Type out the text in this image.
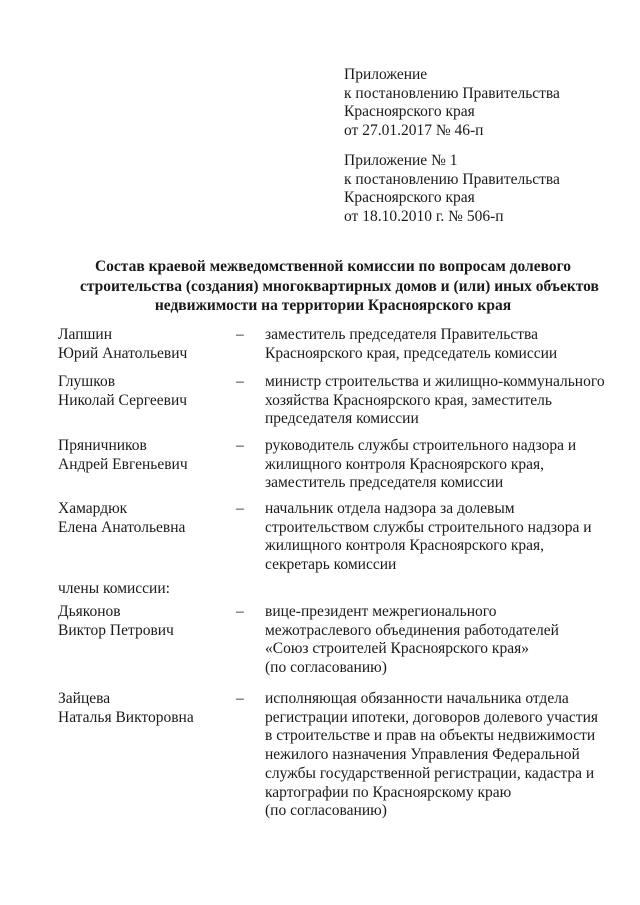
Приложение
к постановлению Правительства
Красноярского края
от 27.01.2017 № 46-п
Приложение № 1
к постановлению Правительства
Красноярского края
от 18.10.2010 г. № 506-п
Состав краевой межведомственной комиссии по вопросам долевого
строительства (создания) многоквартирных домов и (или) иных объектов
недвижимости на территории Красноярского края
Лапшин
Юрий Анатольевич
– заместитель председателя Правительства
Красноярского края, председатель комиссии
Глушков
Николай Сергеевич
– министр строительства и жилищно-коммунального
хозяйства Красноярского края, заместитель
председателя комиссии
Пряничников
Андрей Евгеньевич
– руководитель службы строительного надзора и
жилищного контроля Красноярского края,
заместитель председателя комиссии
Хамардюк
Елена Анатольевна
– начальник отдела надзора за долевым
строительством службы строительного надзора и
жилищного контроля Красноярского края,
секретарь комиссии
члены комиссии:
Дьяконов
Виктор Петрович
– вице-президент межрегионального
межотраслевого объединения работодателей
«Союз строителей Красноярского края»
(по согласованию)
Зайцева
Наталья Викторовна
– исполняющая обязанности начальника отдела
регистрации ипотеки, договоров долевого участия
в строительстве и прав на объекты недвижимости
нежилого назначения Управления Федеральной
службы государственной регистрации, кадастра и
картографии по Красноярскому краю
(по согласованию)
